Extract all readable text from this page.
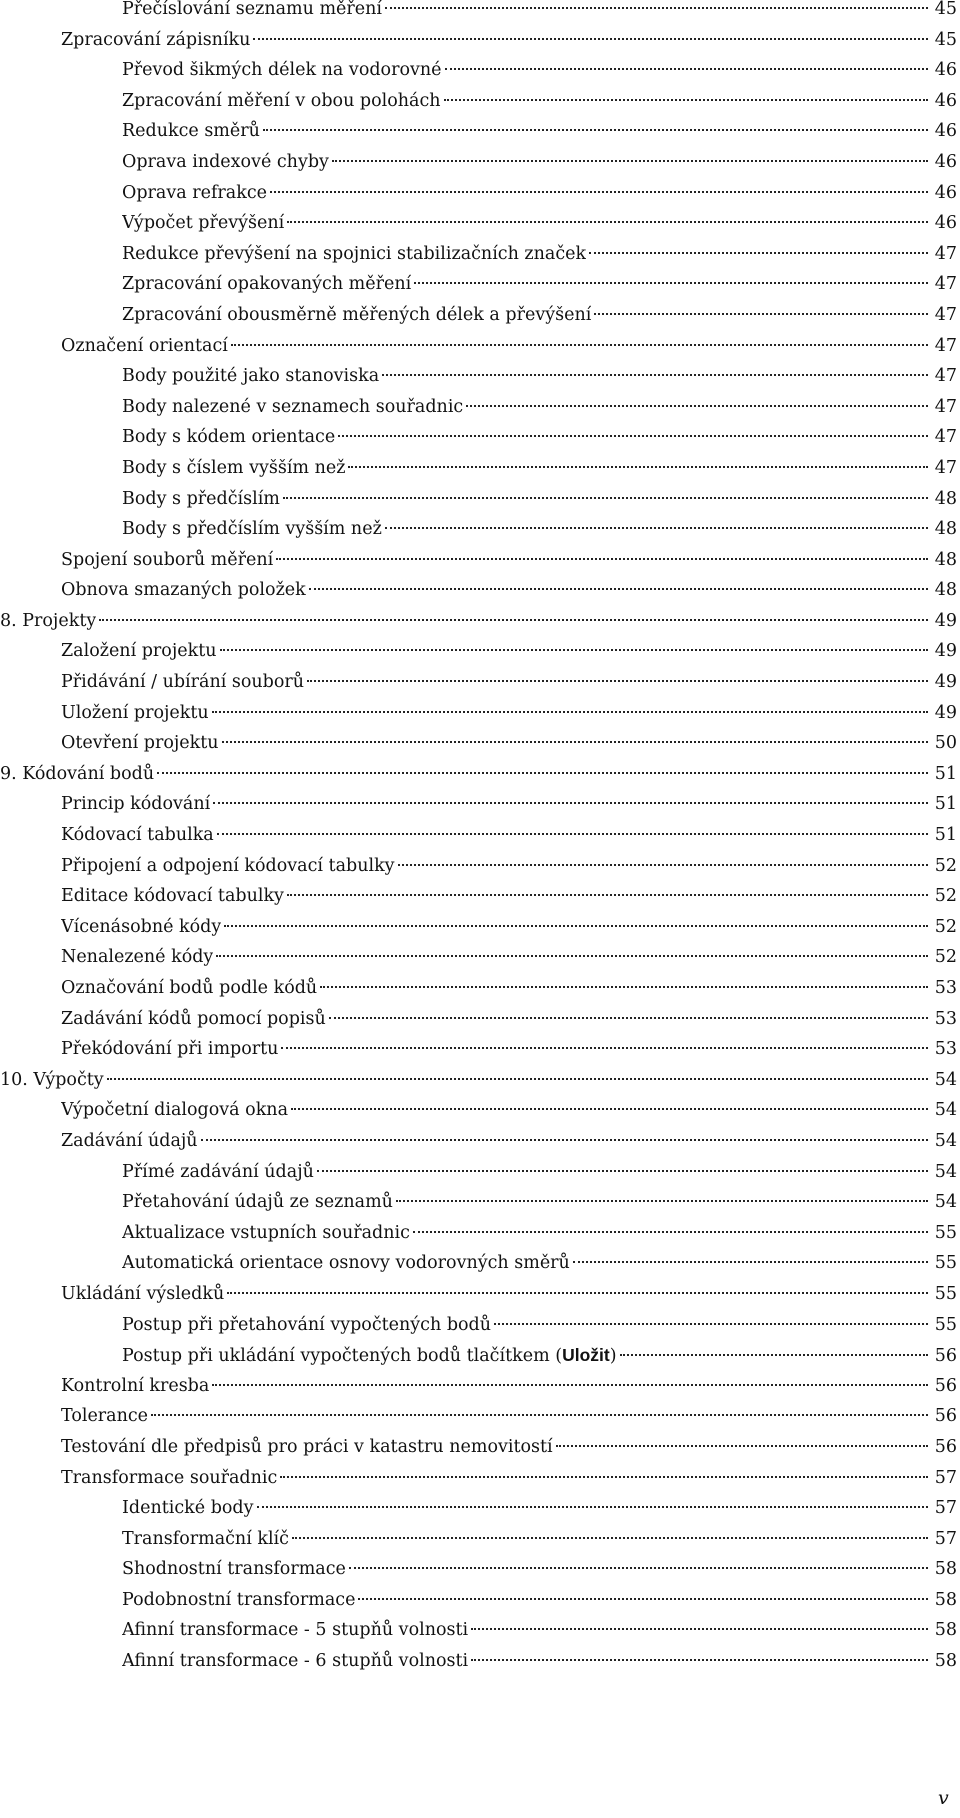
Přečíslování seznamu měření	45
Zpracování zápisníku	45
Převod šikmých délek na vodorovné	46
Zpracování měření v obou polohách	46
Redukce směrů	46
Oprava indexové chyby	46
Oprava refrakce	46
Výpočet převýšení	46
Redukce převýšení na spojnici stabilizačních značek	47
Zpracování opakovaných měření	47
Zpracování obousměrně měřených délek a převýšení	47
Označení orientací	47
Body použité jako stanoviska	47
Body nalezené v seznamech souřadnic	47
Body s kódem orientace	47
Body s číslem vyšším než	47
Body s předčíslím	48
Body s předčíslím vyšším než	48
Spojení souborů měření	48
Obnova smazaných položek	48
8. Projekty	49
Založení projektu	49
Přidávání / ubírání souborů	49
Uložení projektu	49
Otevření projektu	50
9. Kódování bodů	51
Princip kódování	51
Kódovací tabulka	51
Připojení a odpojení kódovací tabulky	52
Editace kódovací tabulky	52
Vícenásobné kódy	52
Nenalezené kódy	52
Označování bodů podle kódů	53
Zadávání kódů pomocí popisů	53
Překódování při importu	53
10. Výpočty	54
Výpočetní dialogová okna	54
Zadávání údajů	54
Přímé zadávání údajů	54
Přetahování údajů ze seznamů	54
Aktualizace vstupních souřadnic	55
Automatická orientace osnovy vodorovných směrů	55
Ukládání výsledků	55
Postup při přetahování vypočtených bodů	55
Postup při ukládání vypočtených bodů tlačítkem (Uložit)	56
Kontrolní kresba	56
Tolerance	56
Testování dle předpisů pro práci v katastru nemovitostí	56
Transformace souřadnic	57
Identické body	57
Transformační klíč	57
Shodnostní transformace	58
Podobnostní transformace	58
Afinní transformace - 5 stupňů volnosti	58
Afinní transformace - 6 stupňů volnosti	58
v
